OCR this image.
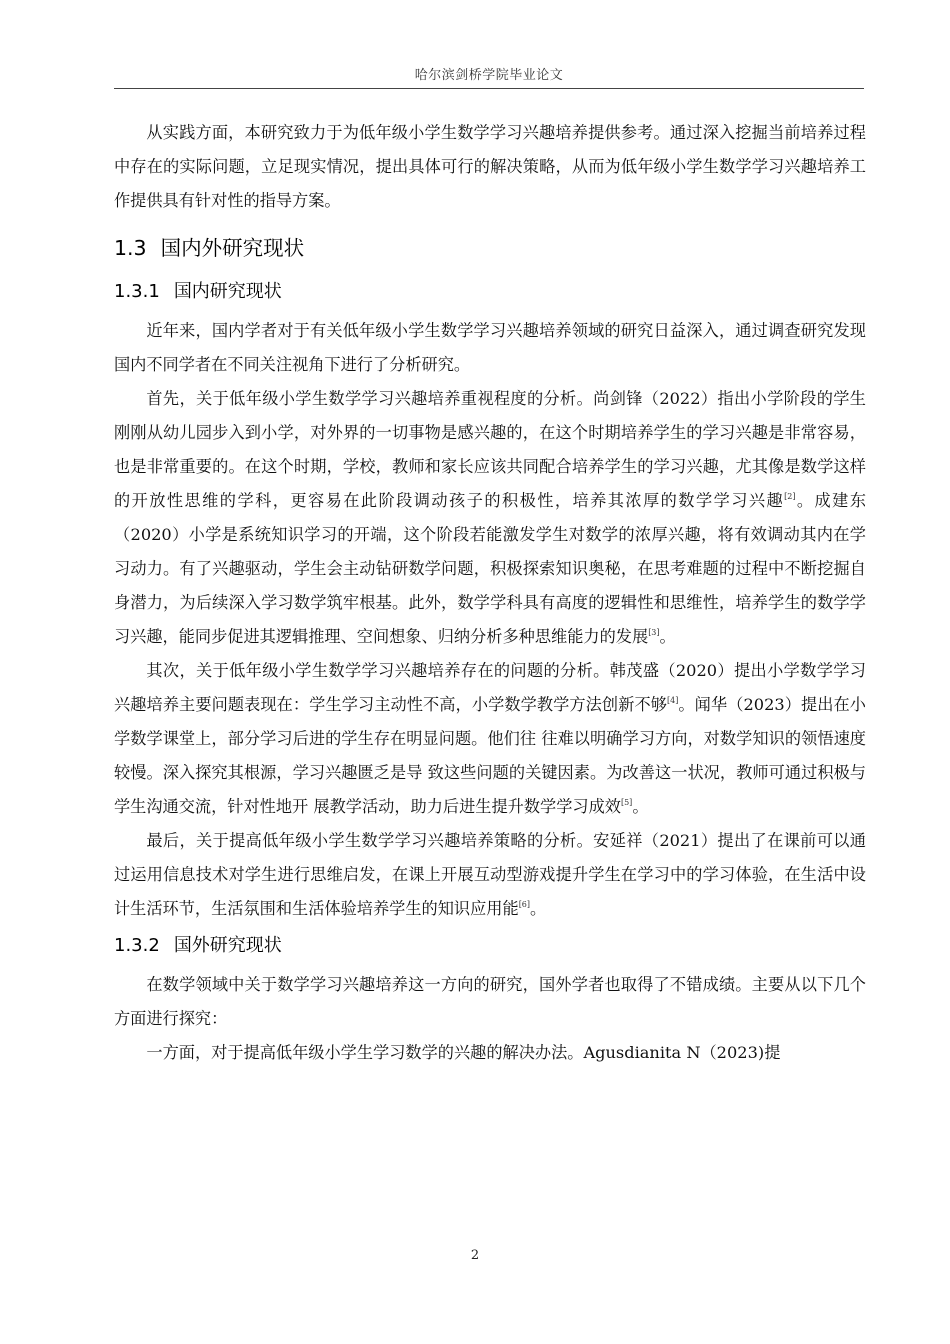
哈尔滨剑桥学院毕业论文

从实践方面，本研究致力于为低年级小学生数学学习兴趣培养提供参考。通过深入挖掘当前培养过程中存在的实际问题，立足现实情况，提出具体可行的解决策略，从而为低年级小学生数学学习兴趣培养工作提供具有针对性的指导方案。

1.3 国内外研究现状
1.3.1 国内研究现状

近年来，国内学者对于有关低年级小学生数学学习兴趣培养领域的研究日益深入，通过调查研究发现国内不同学者在不同关注视角下进行了分析研究。

首先，关于低年级小学生数学学习兴趣培养重视程度的分析。尚剑锋（2022）指出小学阶段的学生刚刚从幼儿园步入到小学，对外界的一切事物是感兴趣的，在这个时期培养学生的学习兴趣是非常容易，也是非常重要的。在这个时期，学校，教师和家长应该共同配合培养学生的学习兴趣，尤其像是数学这样的开放性思维的学科，更容易在此阶段调动孩子的积极性，培养其浓厚的数学学习兴趣[2]。成建东（2020）小学是系统知识学习的开端，这个阶段若能激发学生对数学的浓厚兴趣，将有效调动其内在学习动力。有了兴趣驱动，学生会主动钻研数学问题，积极探索知识奥秘，在思考难题的过程中不断挖掘自身潜力，为后续深入学习数学筑牢根基。此外，数学学科具有高度的逻辑性和思维性，培养学生的数学学习兴趣，能同步促进其逻辑推理、空间想象、归纳分析多种思维能力的发展[3]。

其次，关于低年级小学生数学学习兴趣培养存在的问题的分析。韩茂盛（2020）提出小学数学学习兴趣培养主要问题表现在：学生学习主动性不高，小学数学教学方法创新不够[4]。闻华（2023）提出在小学数学课堂上，部分学习后进的学生存在明显问题。他们往 往难以明确学习方向，对数学知识的领悟速度较慢。深入探究其根源，学习兴趣匮乏是导 致这些问题的关键因素。为改善这一状况，教师可通过积极与学生沟通交流，针对性地开 展教学活动，助力后进生提升数学学习成效[5]。

最后，关于提高低年级小学生数学学习兴趣培养策略的分析。安延祥（2021）提出了在课前可以通过运用信息技术对学生进行思维启发，在课上开展互动型游戏提升学生在学习中的学习体验，在生活中设计生活环节，生活氛围和生活体验培养学生的知识应用能[6]。

1.3.2 国外研究现状

在数学领域中关于数学学习兴趣培养这一方向的研究，国外学者也取得了不错成绩。主要从以下几个方面进行探究：

一方面，对于提高低年级小学生学习数学的兴趣的解决办法。Agusdianita N（2023)提

2
